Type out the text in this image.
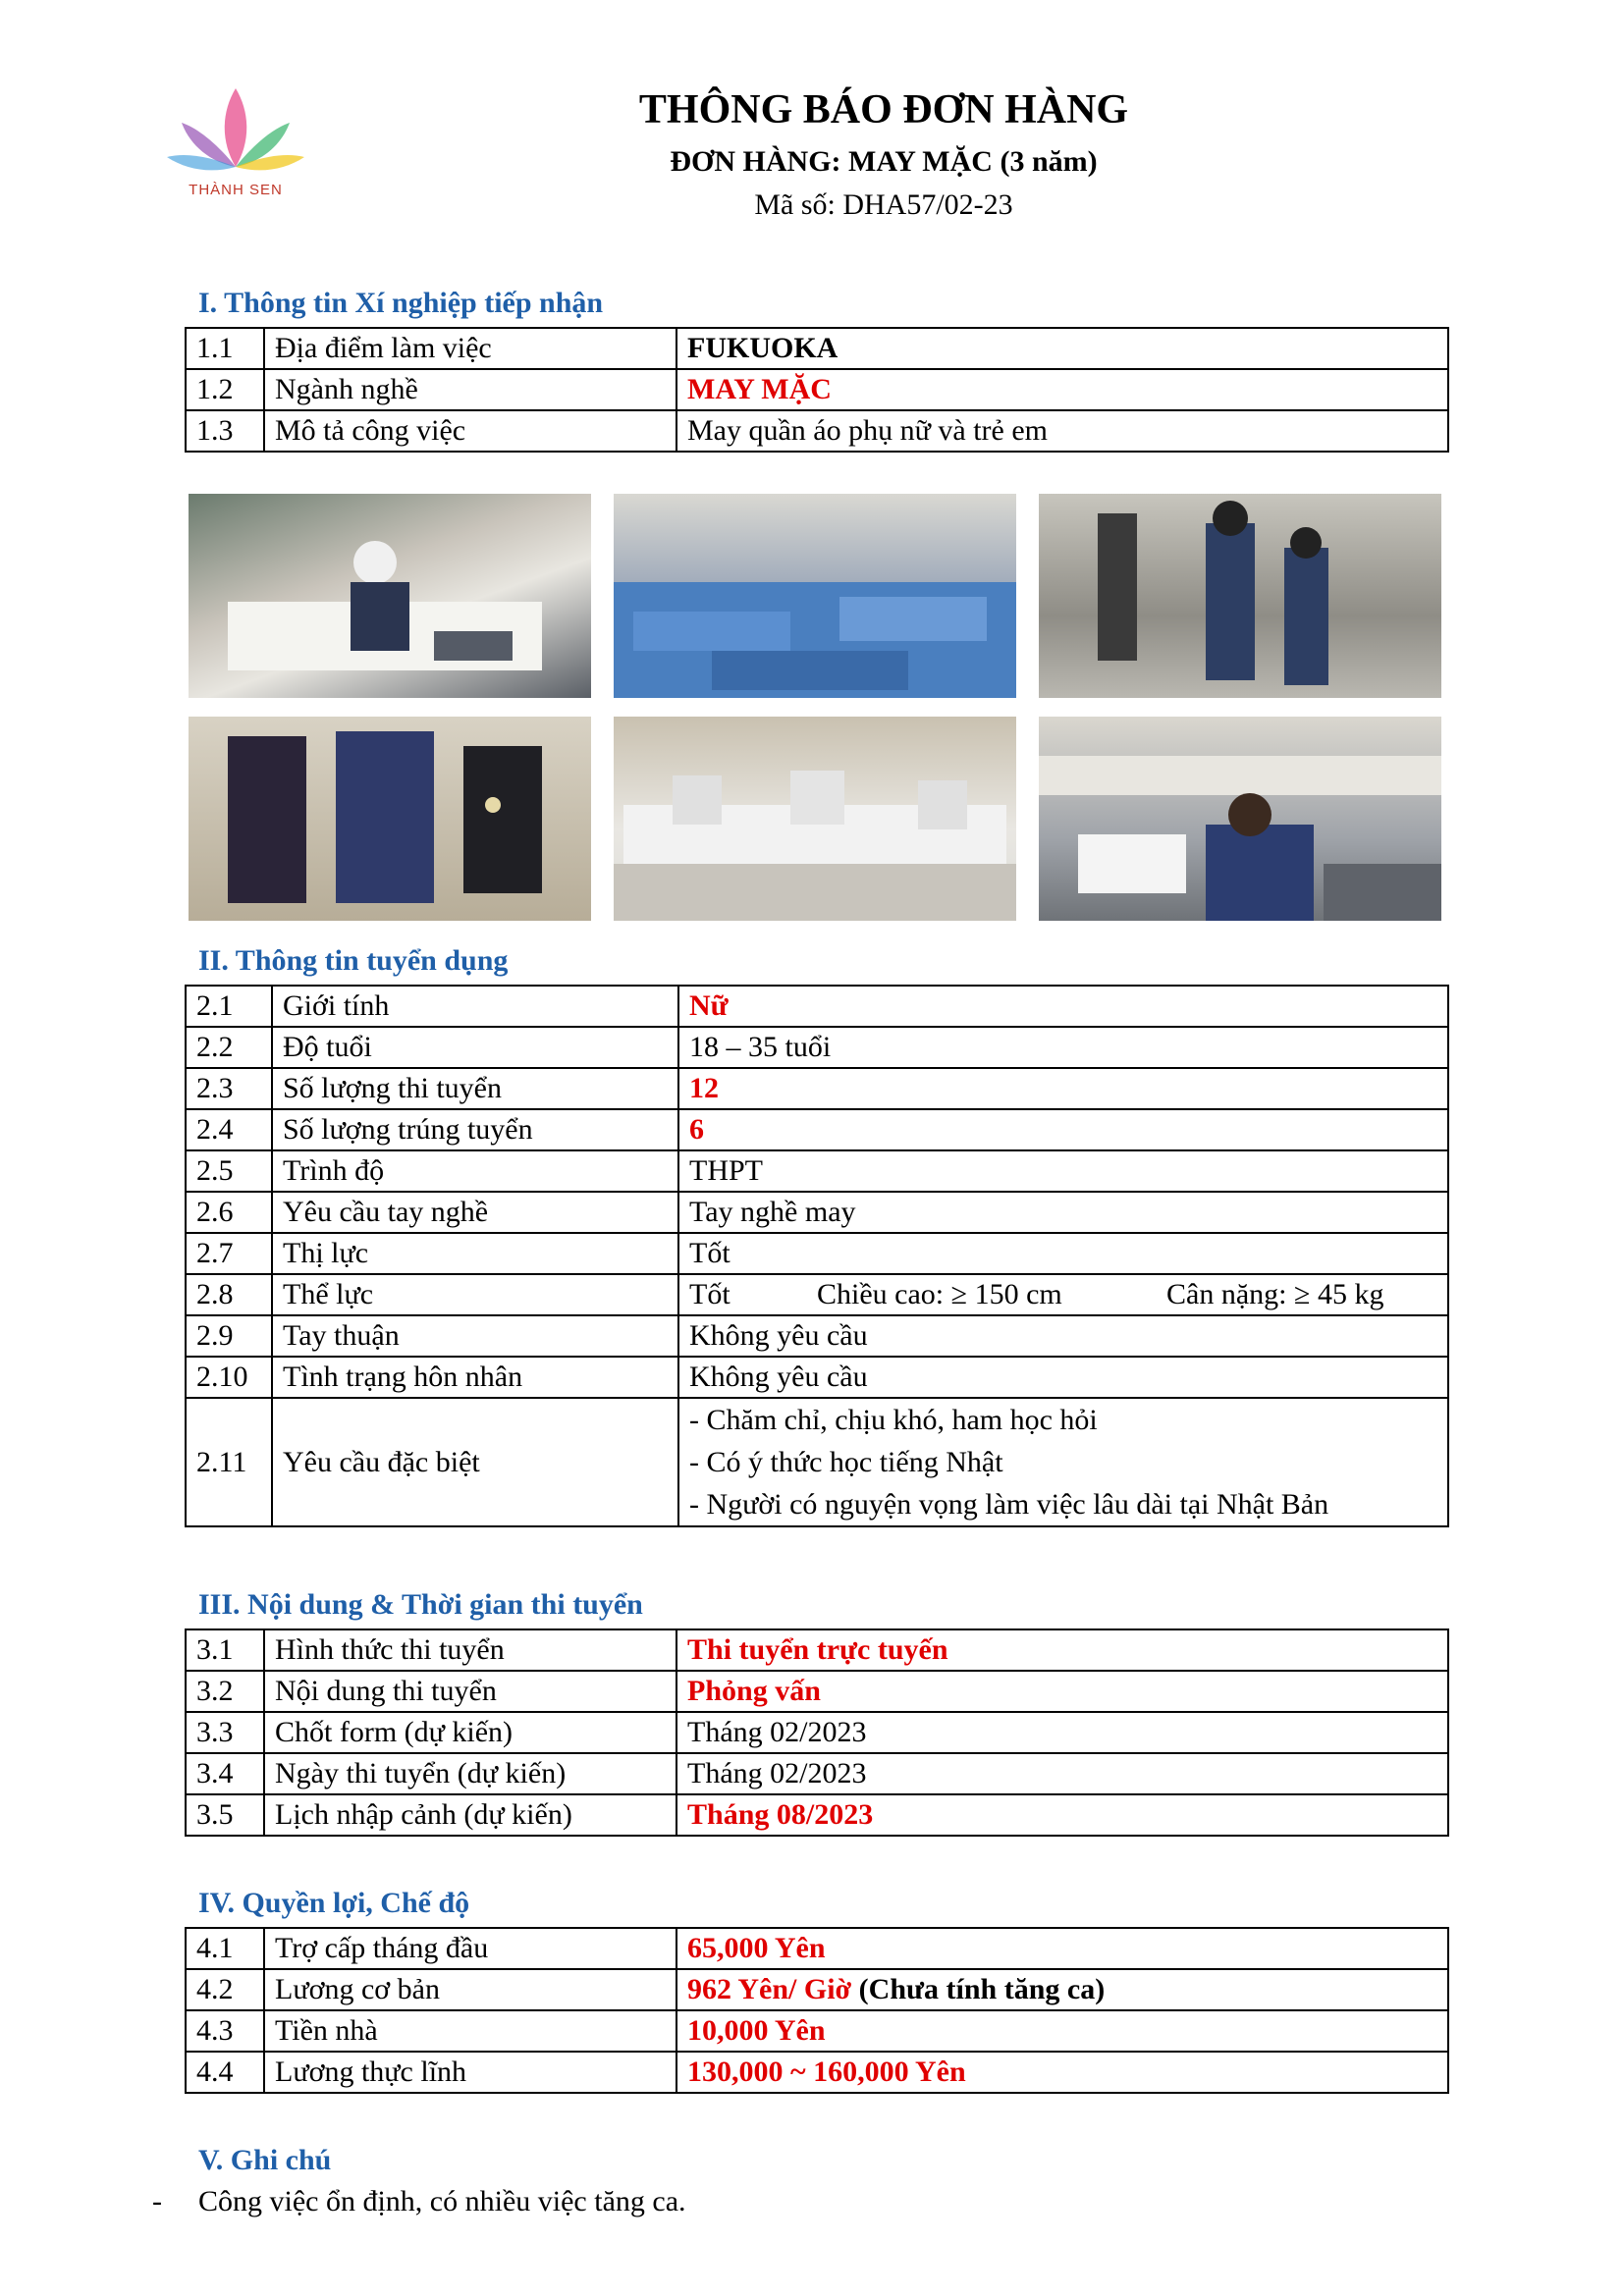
THÀNH SEN
THÔNG BÁO ĐƠN HÀNG
ĐƠN HÀNG: MAY MẶC (3 năm)
Mã số: DHA57/02-23
I. Thông tin Xí nghiệp tiếp nhận
1.1	Địa điểm làm việc	FUKUOKA
1.2	Ngành nghề	MAY MẶC
1.3	Mô tả công việc	May quần áo phụ nữ và trẻ em
II. Thông tin tuyển dụng
2.1	Giới tính	Nữ
2.2	Độ tuổi	18 – 35 tuổi
2.3	Số lượng thi tuyển	12
2.4	Số lượng trúng tuyển	6
2.5	Trình độ	THPT
2.6	Yêu cầu tay nghề	Tay nghề may
2.7	Thị lực	Tốt
2.8	Thể lực	Tốt Chiều cao: ≥ 150 cm Cân nặng: ≥ 45 kg
2.9	Tay thuận	Không yêu cầu
2.10	Tình trạng hôn nhân	Không yêu cầu
2.11	Yêu cầu đặc biệt	- Chăm chỉ, chịu khó, ham học hỏi
- Có ý thức học tiếng Nhật
- Người có nguyện vọng làm việc lâu dài tại Nhật Bản
III. Nội dung & Thời gian thi tuyển
3.1	Hình thức thi tuyển	Thi tuyển trực tuyến
3.2	Nội dung thi tuyển	Phỏng vấn
3.3	Chốt form (dự kiến)	Tháng 02/2023
3.4	Ngày thi tuyển (dự kiến)	Tháng 02/2023
3.5	Lịch nhập cảnh (dự kiến)	Tháng 08/2023
IV. Quyền lợi, Chế độ
4.1	Trợ cấp tháng đầu	65,000 Yên
4.2	Lương cơ bản	962 Yên/ Giờ (Chưa tính tăng ca)
4.3	Tiền nhà	10,000 Yên
4.4	Lương thực lĩnh	130,000 ~ 160,000 Yên
V. Ghi chú
- Công việc ổn định, có nhiều việc tăng ca.
